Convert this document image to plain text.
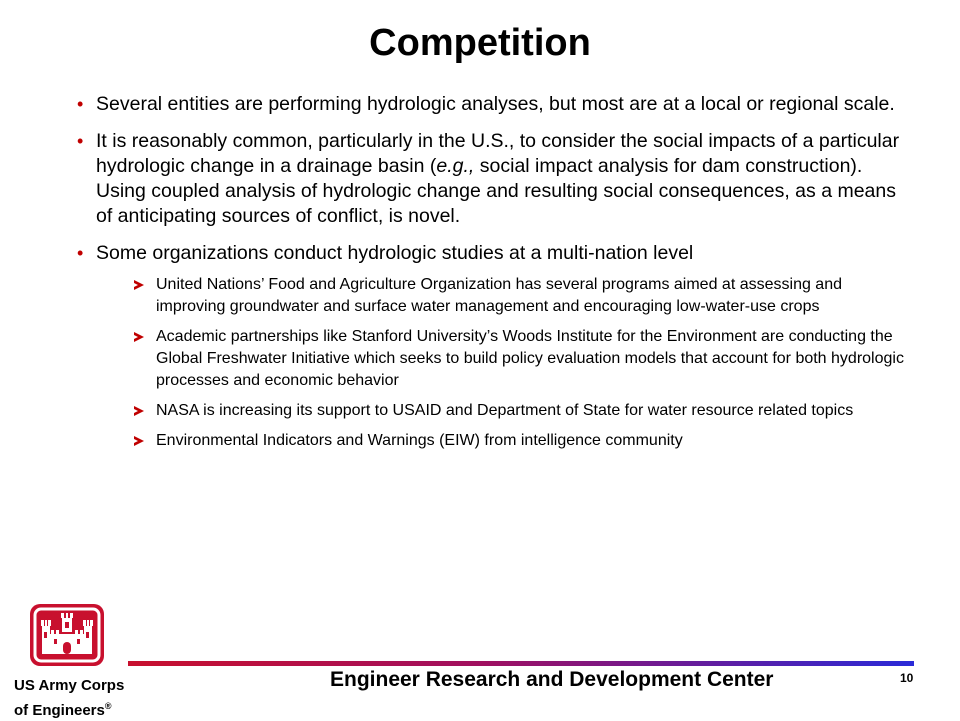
Competition
• Several entities are performing hydrologic analyses, but most are at a local or regional scale.
• It is reasonably common, particularly in the U.S., to consider the social impacts of a particular hydrologic change in a drainage basin (e.g., social impact analysis for dam construction). Using coupled analysis of hydrologic change and resulting social consequences, as a means of anticipating sources of conflict, is novel.
• Some organizations conduct hydrologic studies at a multi-nation level
United Nations’ Food and Agriculture Organization has several programs aimed at assessing and improving groundwater and surface water management and encouraging low-water-use crops
Academic partnerships like Stanford University’s Woods Institute for the Environment are conducting the Global Freshwater Initiative which seeks to build policy evaluation models that account for both hydrologic processes and economic behavior
NASA is increasing its support to USAID and Department of State for water resource related topics
Environmental Indicators and Warnings (EIW) from intelligence community
US Army Corps
of Engineers®
Engineer Research and Development Center	10
